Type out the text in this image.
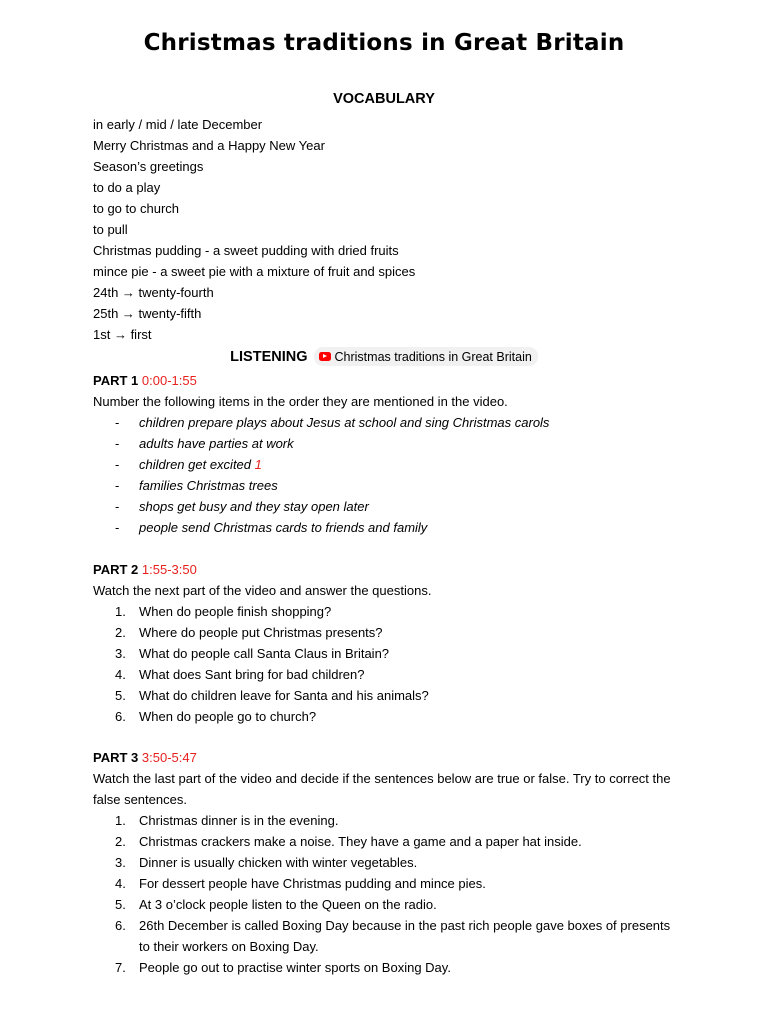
Christmas traditions in Great Britain
VOCABULARY
in early / mid / late December
Merry Christmas and a Happy New Year
Season’s greetings
to do a play
to go to church
to pull
Christmas pudding - a sweet pudding with dried fruits
mince pie - a sweet pie with a mixture of fruit and spices
24th → twenty-fourth
25th → twenty-fifth
1st → first
LISTENING Christmas traditions in Great Britain
PART 1 0:00-1:55
Number the following items in the order they are mentioned in the video.
- children prepare plays about Jesus at school and sing Christmas carols
- adults have parties at work
- children get excited 1
- families Christmas trees
- shops get busy and they stay open later
- people send Christmas cards to friends and family
PART 2 1:55-3:50
Watch the next part of the video and answer the questions.
1. When do people finish shopping?
2. Where do people put Christmas presents?
3. What do people call Santa Claus in Britain?
4. What does Sant bring for bad children?
5. What do children leave for Santa and his animals?
6. When do people go to church?
PART 3 3:50-5:47
Watch the last part of the video and decide if the sentences below are true or false. Try to correct the false sentences.
1. Christmas dinner is in the evening.
2. Christmas crackers make a noise. They have a game and a paper hat inside.
3. Dinner is usually chicken with winter vegetables.
4. For dessert people have Christmas pudding and mince pies.
5. At 3 o’clock people listen to the Queen on the radio.
6. 26th December is called Boxing Day because in the past rich people gave boxes of presents to their workers on Boxing Day.
7. People go out to practise winter sports on Boxing Day.
